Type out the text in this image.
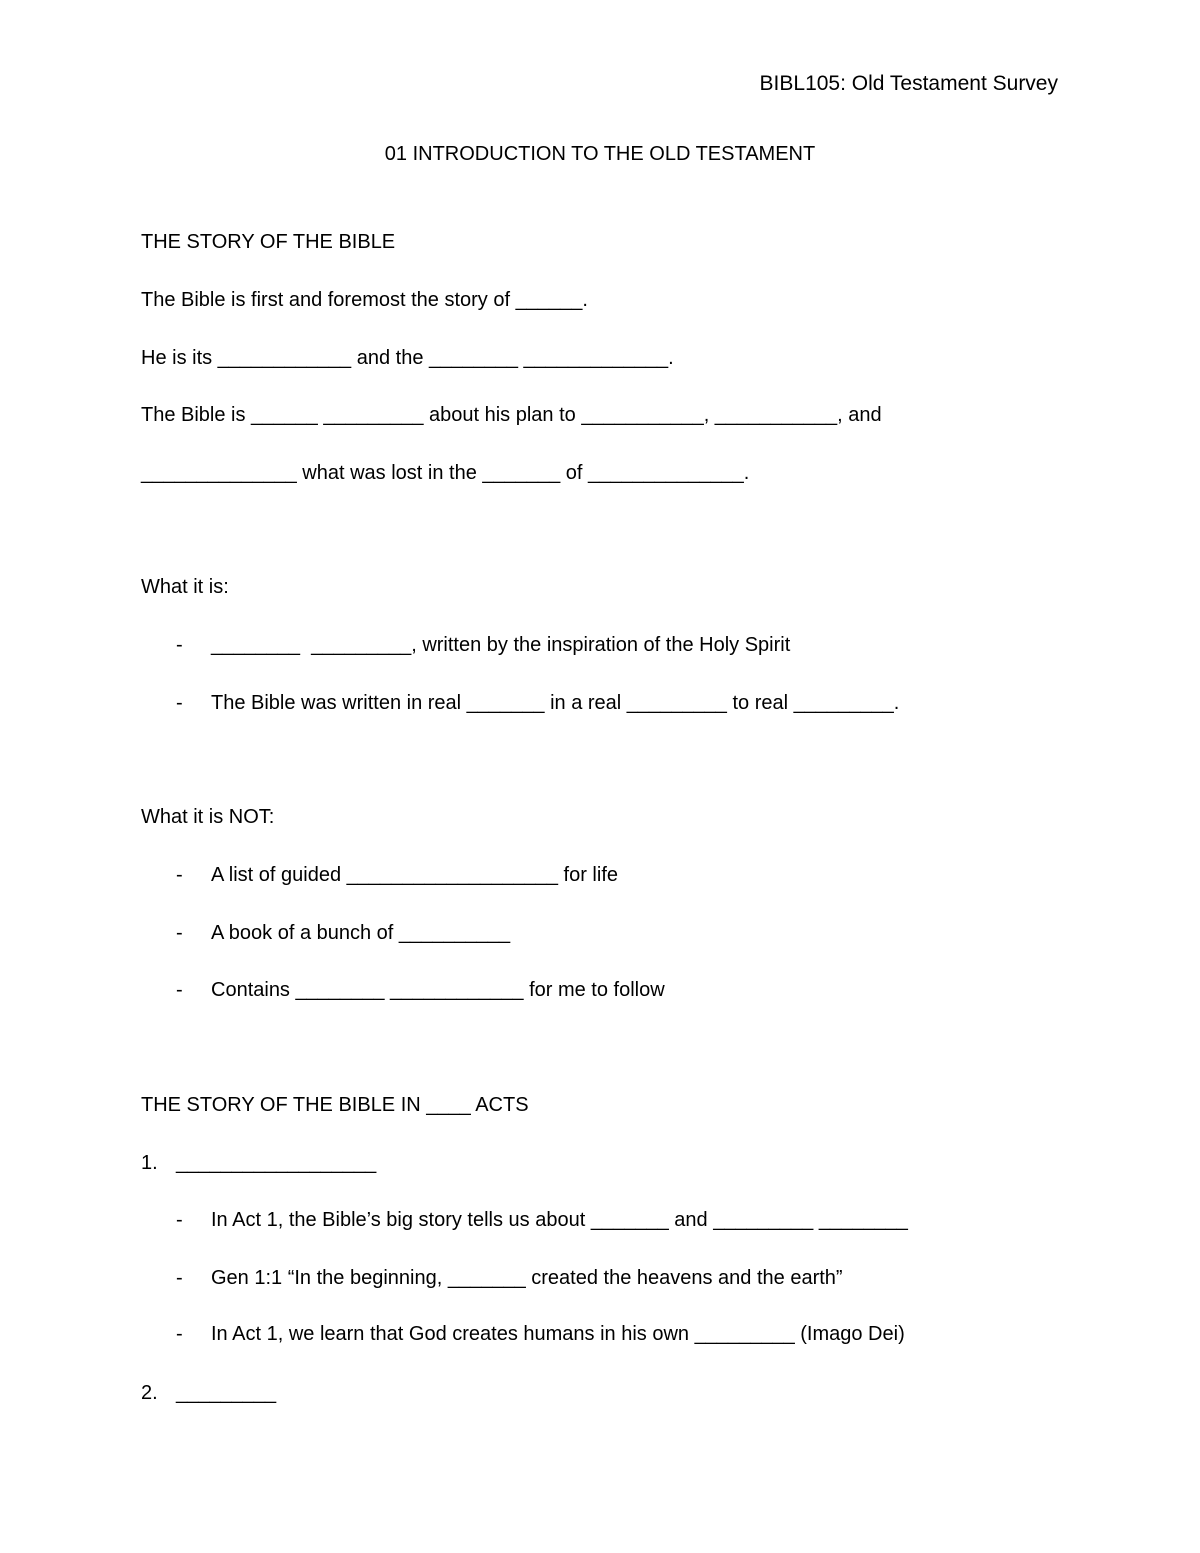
BIBL105: Old Testament Survey
01 INTRODUCTION TO THE OLD TESTAMENT
THE STORY OF THE BIBLE
The Bible is first and foremost the story of ______.
He is its ____________ and the ________ _____________.
The Bible is ______ _________ about his plan to ___________, ___________, and
______________ what was lost in the _______ of ______________.
What it is:
- ________  _________, written by the inspiration of the Holy Spirit
- The Bible was written in real _______ in a real _________ to real _________.
What it is NOT:
- A list of guided ___________________ for life
- A book of a bunch of __________
- Contains ________ ____________ for me to follow
THE STORY OF THE BIBLE IN ____ ACTS
1. __________________
- In Act 1, the Bible’s big story tells us about _______ and _________ ________
- Gen 1:1 “In the beginning, _______ created the heavens and the earth”
- In Act 1, we learn that God creates humans in his own _________ (Imago Dei)
2. _________
